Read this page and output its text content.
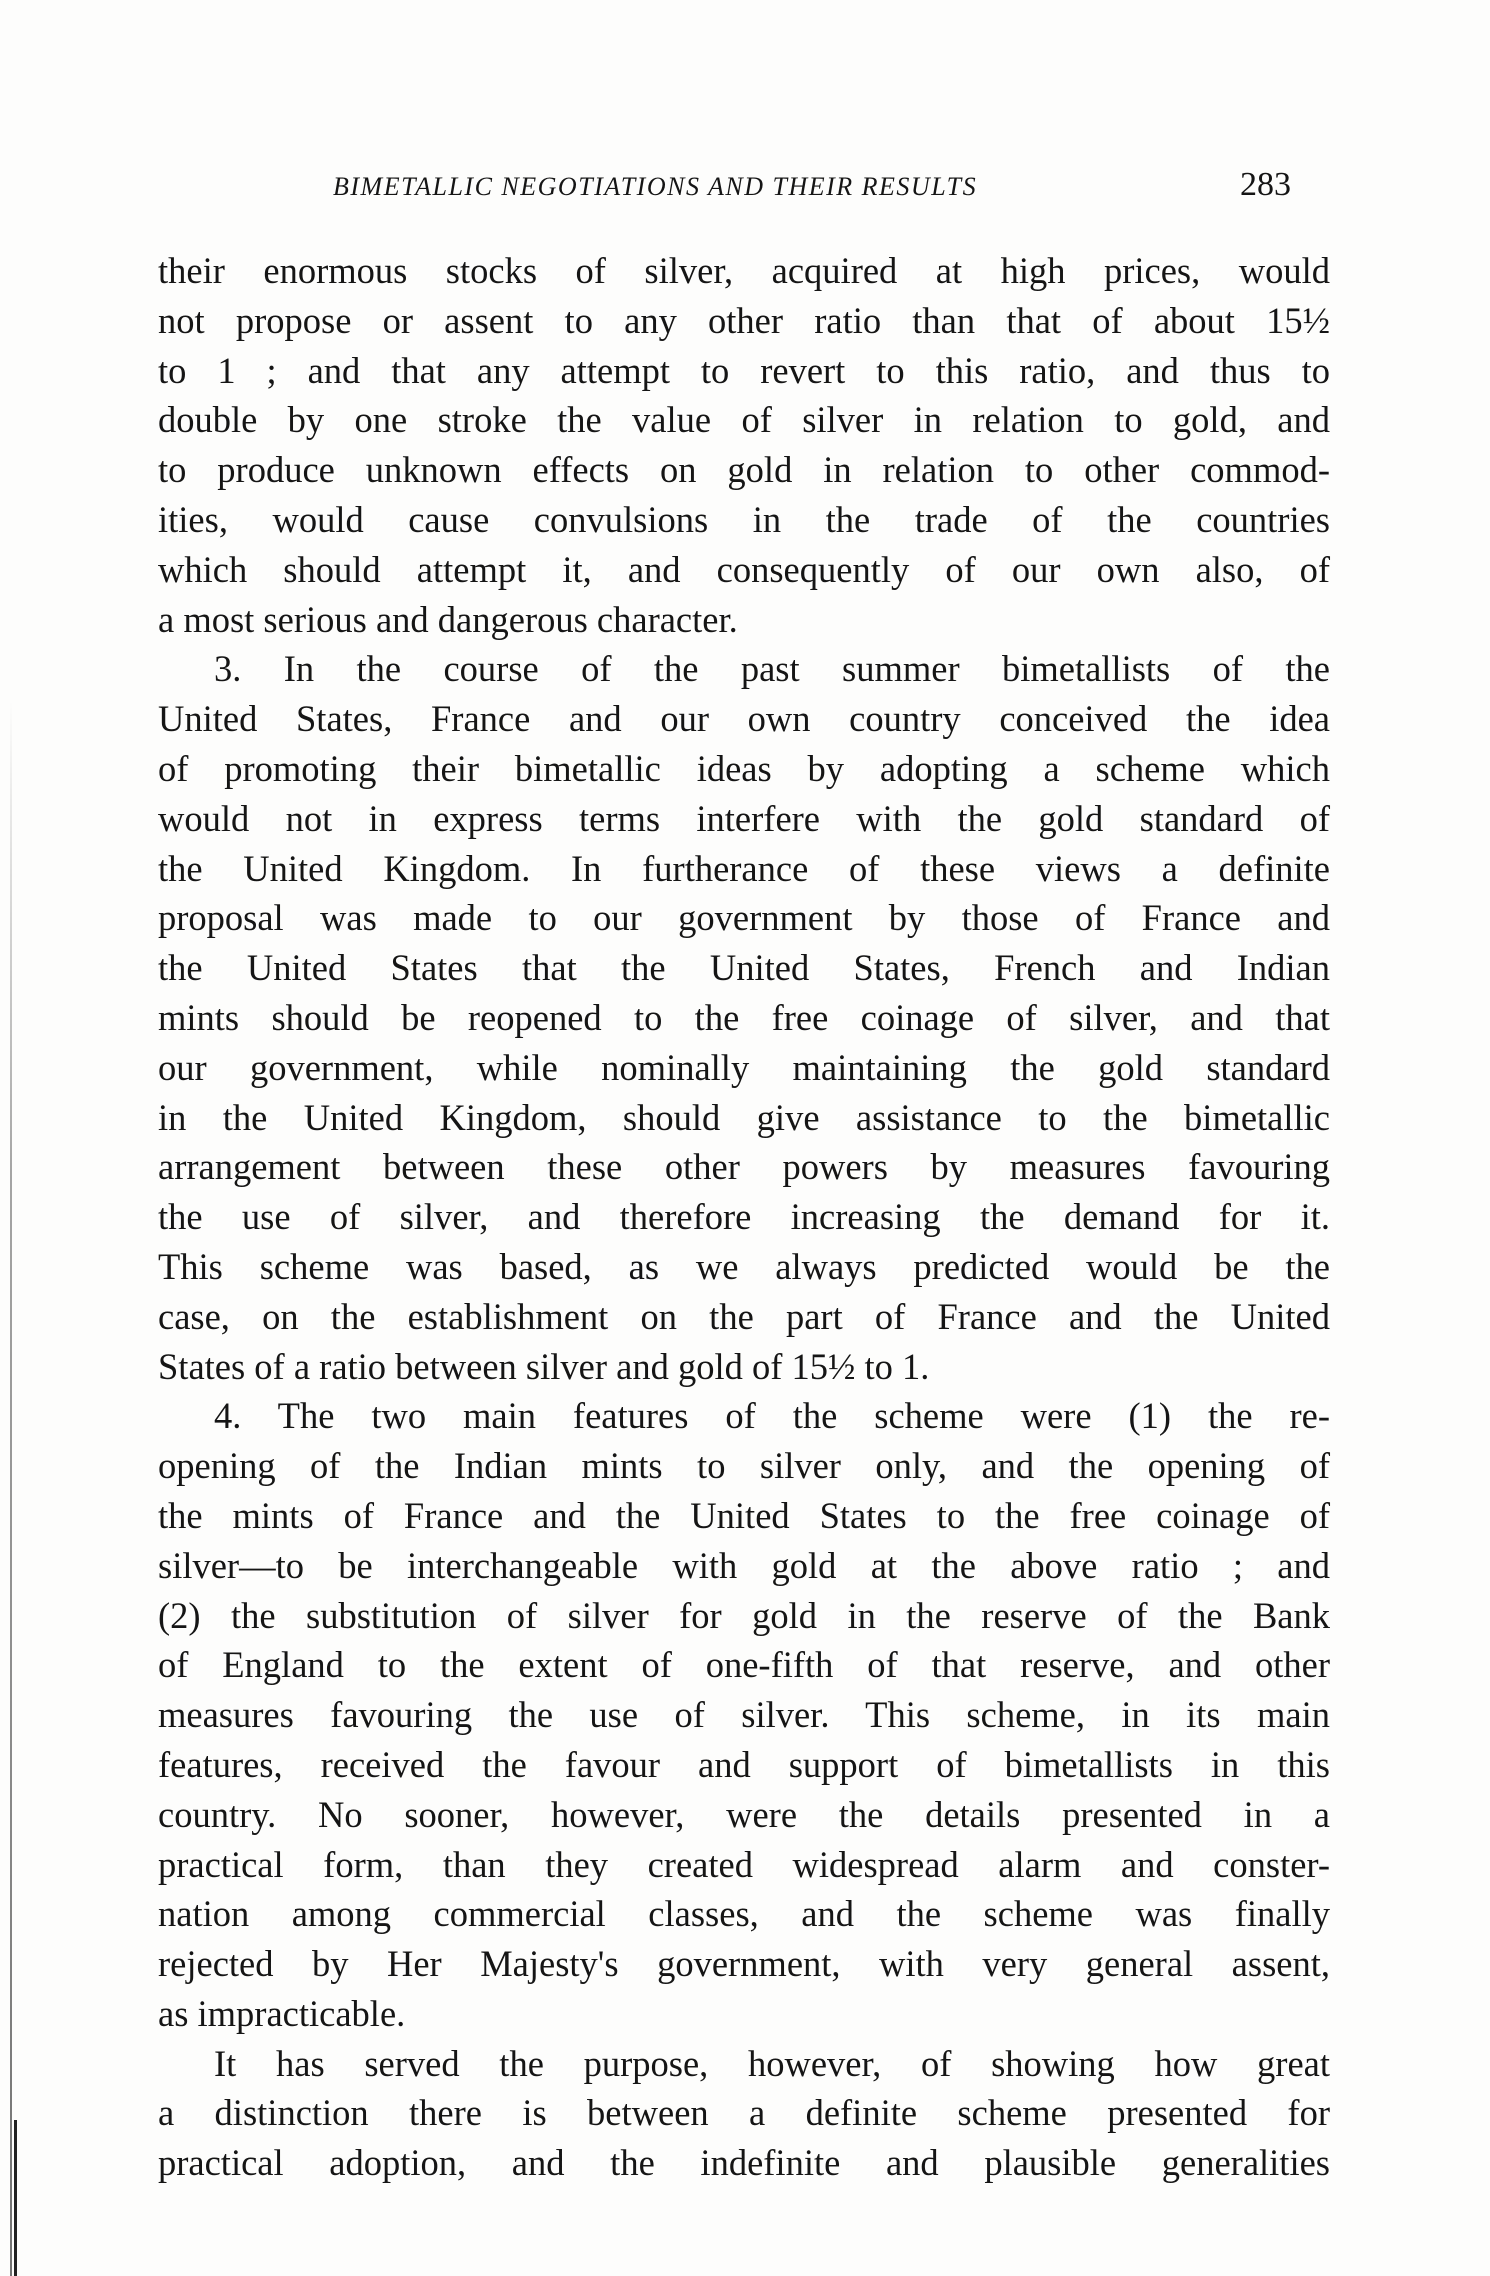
BIMETALLIC NEGOTIATIONS AND THEIR RESULTS	283
their enormous stocks of silver, acquired at high prices, would
not propose or assent to any other ratio than that of about 15½
to 1 ; and that any attempt to revert to this ratio, and thus to
double by one stroke the value of silver in relation to gold, and
to produce unknown effects on gold in relation to other commod-
ities, would cause convulsions in the trade of the countries
which should attempt it, and consequently of our own also, of
a most serious and dangerous character.
3. In the course of the past summer bimetallists of the
United States, France and our own country conceived the idea
of promoting their bimetallic ideas by adopting a scheme which
would not in express terms interfere with the gold standard of
the United Kingdom. In furtherance of these views a definite
proposal was made to our government by those of France and
the United States that the United States, French and Indian
mints should be reopened to the free coinage of silver, and that
our government, while nominally maintaining the gold standard
in the United Kingdom, should give assistance to the bimetallic
arrangement between these other powers by measures favouring
the use of silver, and therefore increasing the demand for it.
This scheme was based, as we always predicted would be the
case, on the establishment on the part of France and the United
States of a ratio between silver and gold of 15½ to 1.
4. The two main features of the scheme were (1) the re-
opening of the Indian mints to silver only, and the opening of
the mints of France and the United States to the free coinage of
silver—to be interchangeable with gold at the above ratio ; and
(2) the substitution of silver for gold in the reserve of the Bank
of England to the extent of one-fifth of that reserve, and other
measures favouring the use of silver. This scheme, in its main
features, received the favour and support of bimetallists in this
country. No sooner, however, were the details presented in a
practical form, than they created widespread alarm and conster-
nation among commercial classes, and the scheme was finally
rejected by Her Majesty's government, with very general assent,
as impracticable.
It has served the purpose, however, of showing how great
a distinction there is between a definite scheme presented for
practical adoption, and the indefinite and plausible generalities
